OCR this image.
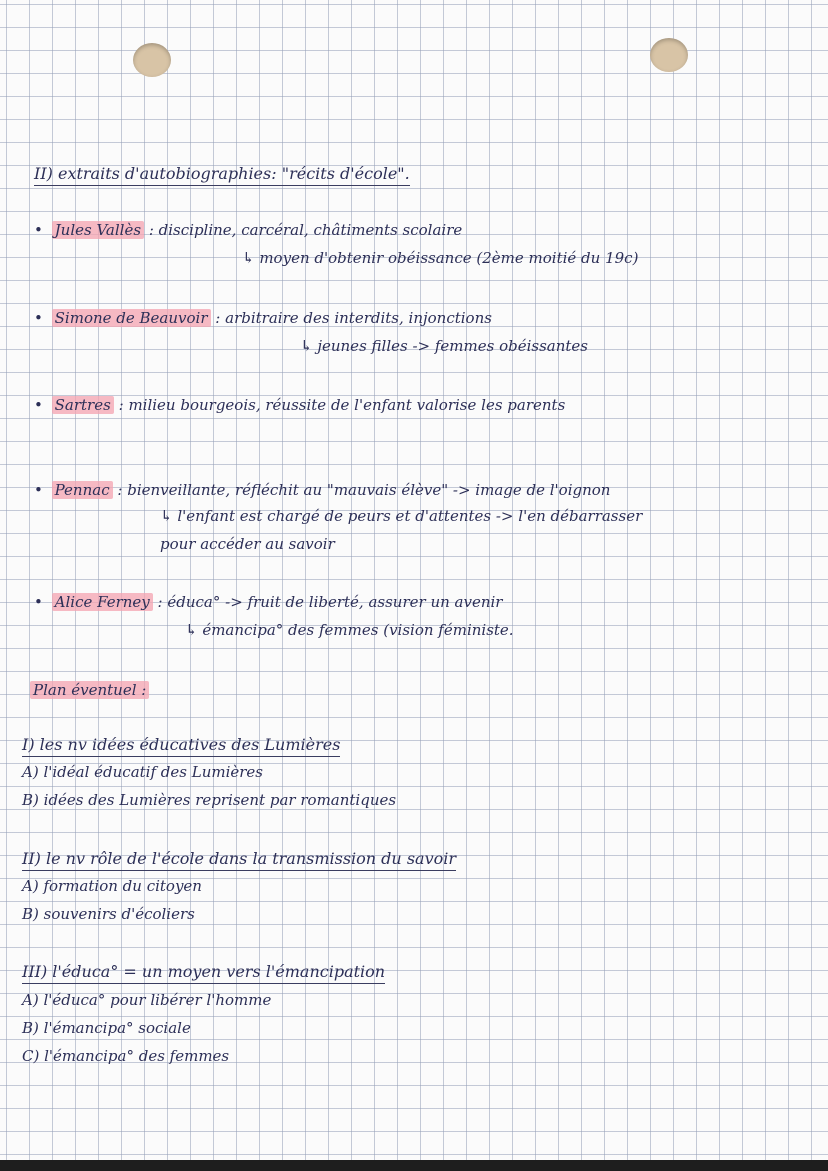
II) extraits d'autobiographies: "récits d'école".
• Jules Vallès : discipline, carcéral, châtiments scolaire
↳ moyen d'obtenir obéissance (2ème moitié du 19c)
• Simone de Beauvoir : arbitraire des interdits, injonctions
↳ jeunes filles -> femmes obéissantes
• Sartres : milieu bourgeois, réussite de l'enfant valorise les parents
• Pennac : bienveillante, réfléchit au "mauvais élève" -> image de l'oignon
↳ l'enfant est chargé de peurs et d'attentes -> l'en débarrasser
pour accéder au savoir
• Alice Ferney : éduca° -> fruit de liberté, assurer un avenir
↳ émancipa° des femmes (vision féministe.
Plan éventuel :
I) les nv idées éducatives des Lumières
A) l'idéal éducatif des Lumières
B) idées des Lumières reprisent par romantiques
II) le nv rôle de l'école dans la transmission du savoir
A) formation du citoyen
B) souvenirs d'écoliers
III) l'éduca° = un moyen vers l'émancipation
A) l'éduca° pour libérer l'homme
B) l'émancipa° sociale
C) l'émancipa° des femmes
